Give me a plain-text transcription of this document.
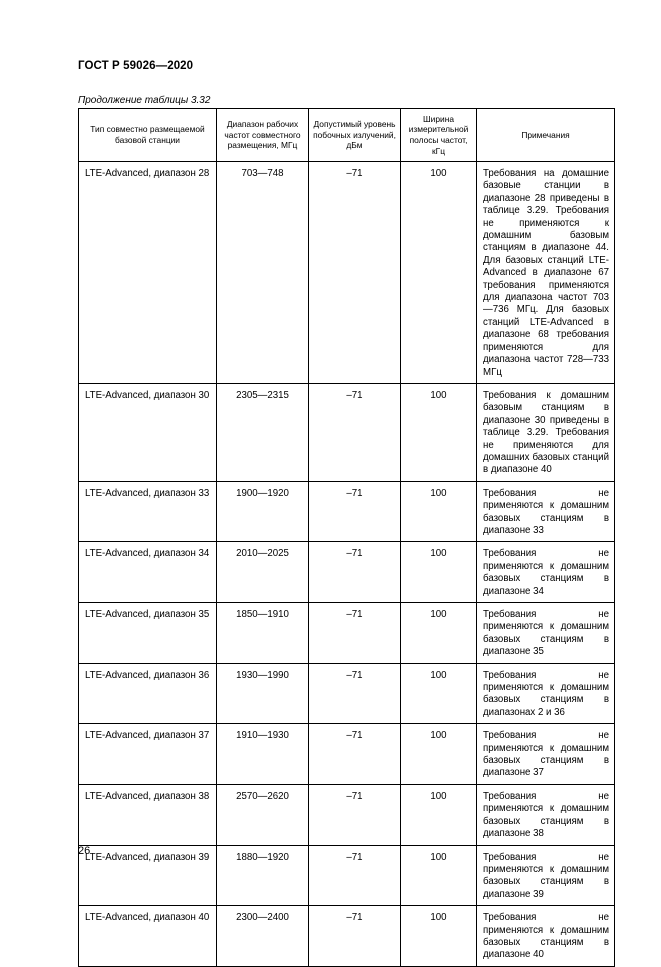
ГОСТ Р 59026—2020
Продолжение таблицы 3.32
Тип совместно размещаемой базовой станции	Диапазон рабочих частот совместного размещения, МГц	Допустимый уровень побочных излучений, дБм	Ширина измерительной полосы частот, кГц	Примечания
LTE-Advanced, диапазон 28	703—748	–71	100	Требования на домашние базовые станции в диапазоне 28 приведены в таблице 3.29. Требования не применяются к домашним базовым станциям в диапазоне 44. Для базовых станций LTE-Advanced в диапазоне 67 требования применяются для диапазона частот 703—736 МГц. Для базовых станций LTE-Advanced в диапазоне 68 требования применяются для диапазона частот 728—733 МГц
LTE-Advanced, диапазон 30	2305—2315	–71	100	Требования к домашним базовым станциям в диапазоне 30 приведены в таблице 3.29. Требования не применяются для домашних базовых станций в диапазоне 40
LTE-Advanced, диапазон 33	1900—1920	–71	100	Требования не применяются к домашним базовых станциям в диапазоне 33
LTE-Advanced, диапазон 34	2010—2025	–71	100	Требования не применяются к домашним базовых станциям в диапазоне 34
LTE-Advanced, диапазон 35	1850—1910	–71	100	Требования не применяются к домашним базовых станциям в диапазоне 35
LTE-Advanced, диапазон 36	1930—1990	–71	100	Требования не применяются к домашним базовых станциям в диапазонах 2 и 36
LTE-Advanced, диапазон 37	1910—1930	–71	100	Требования не применяются к домашним базовых станциям в диапазоне 37
LTE-Advanced, диапазон 38	2570—2620	–71	100	Требования не применяются к домашним базовых станциям в диапазоне 38
LTE-Advanced, диапазон 39	1880—1920	–71	100	Требования не применяются к домашним базовых станциям в диапазоне 39
LTE-Advanced, диапазон 40	2300—2400	–71	100	Требования не применяются к домашним базовых станциям в диапазоне 40
26
